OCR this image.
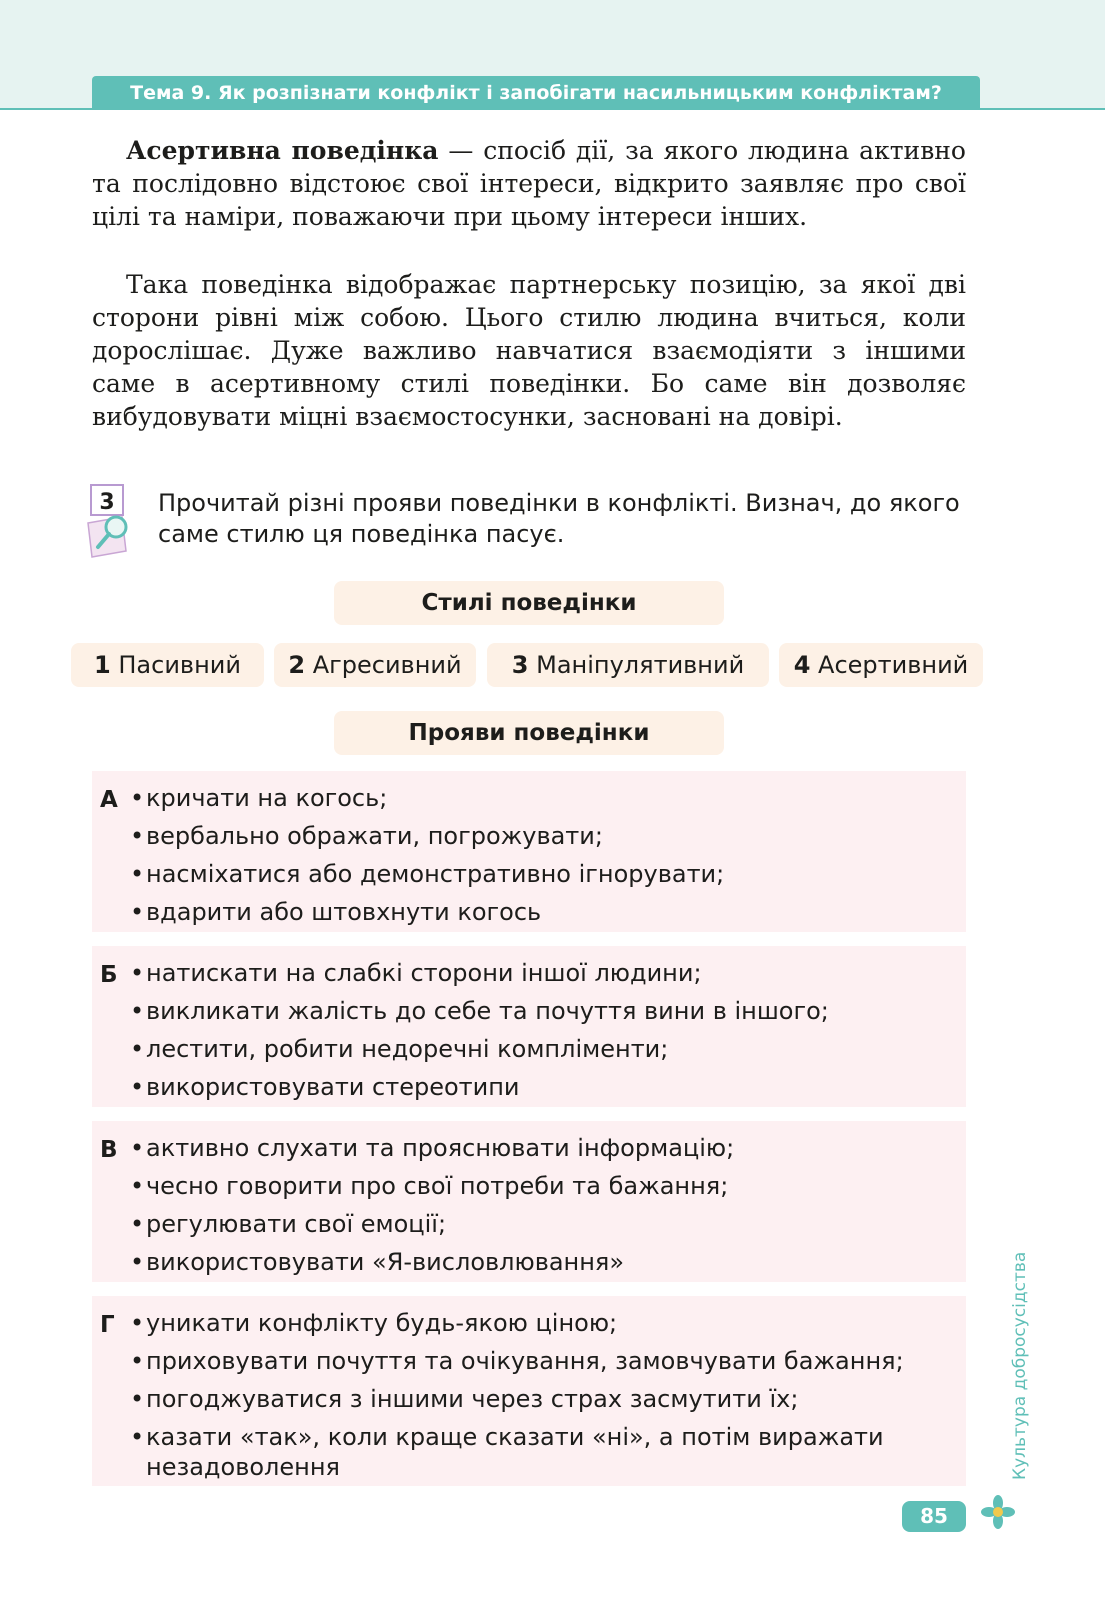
Тема 9. Як розпізнати конфлікт і запобігати насильницьким конфліктам?

Асертивна поведінка — спосіб дії, за якого людина активно та послідовно відстоює свої інтереси, відкрито заявляє про свої цілі та наміри, поважаючи при цьому інтереси інших.

Така поведінка відображає партнерську позицію, за якої дві сторони рівні між собою. Цього стилю людина вчиться, коли дорослішає. Дуже важливо навчатися взаємодіяти з іншими саме в асертивному стилі поведінки. Бо саме він дозволяє вибудовувати міцні взаємостосунки, засновані на довірі.

3 Прочитай різні прояви поведінки в конфлікті. Визнач, до якого саме стилю ця поведінка пасує.

Стилі поведінки
1 Пасивний	2 Агресивний	3 Маніпулятивний	4 Асертивний
Прояви поведінки
А	• кричати на когось;
• вербально ображати, погрожувати;
• насміхатися або демонстративно ігнорувати;
• вдарити або штовхнути когось
Б	• натискати на слабкі сторони іншої людини;
• викликати жалість до себе та почуття вини в іншого;
• лестити, робити недоречні компліменти;
• використовувати стереотипи
В	• активно слухати та прояснювати інформацію;
• чесно говорити про свої потреби та бажання;
• регулювати свої емоції;
• використовувати «Я-висловлювання»
Г	• уникати конфлікту будь-якою ціною;
• приховувати почуття та очікування, замовчувати бажання;
• погоджуватися з іншими через страх засмутити їх;
• казати «так», коли краще сказати «ні», а потім виражати незадоволення	Культура добросусідства
85
